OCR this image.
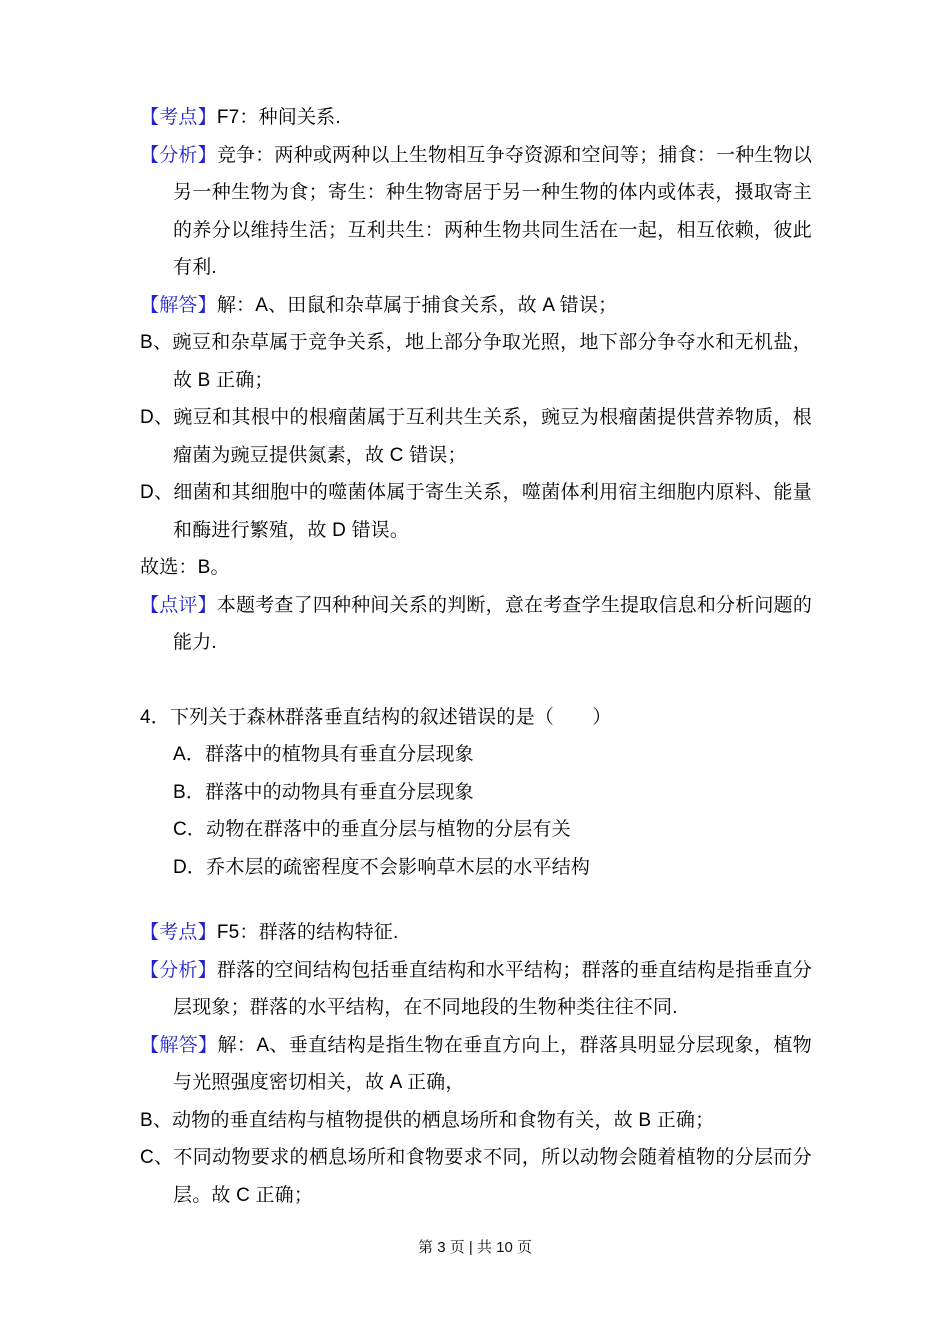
【考点】F7：种间关系.

【分析】竞争：两种或两种以上生物相互争夺资源和空间等；捕食：一种生物以另一种生物为食；寄生：种生物寄居于另一种生物的体内或体表，摄取寄主的养分以维持生活；互利共生：两种生物共同生活在一起，相互依赖，彼此有利.

【解答】解：A、田鼠和杂草属于捕食关系，故 A 错误；

B、豌豆和杂草属于竞争关系，地上部分争取光照，地下部分争夺水和无机盐，故 B 正确；

D、豌豆和其根中的根瘤菌属于互利共生关系，豌豆为根瘤菌提供营养物质，根瘤菌为豌豆提供氮素，故 C 错误；

D、细菌和其细胞中的噬菌体属于寄生关系，噬菌体利用宿主细胞内原料、能量和酶进行繁殖，故 D 错误。

故选：B。

【点评】本题考查了四种种间关系的判断，意在考查学生提取信息和分析问题的能力.

4．下列关于森林群落垂直结构的叙述错误的是（　　）

A．群落中的植物具有垂直分层现象

B．群落中的动物具有垂直分层现象

C．动物在群落中的垂直分层与植物的分层有关

D．乔木层的疏密程度不会影响草木层的水平结构

【考点】F5：群落的结构特征.

【分析】群落的空间结构包括垂直结构和水平结构；群落的垂直结构是指垂直分层现象；群落的水平结构，在不同地段的生物种类往往不同.

【解答】解：A、垂直结构是指生物在垂直方向上，群落具明显分层现象，植物与光照强度密切相关，故 A 正确，

B、动物的垂直结构与植物提供的栖息场所和食物有关，故 B 正确；

C、不同动物要求的栖息场所和食物要求不同，所以动物会随着植物的分层而分层。故 C 正确；

第 3 页 | 共 10 页
